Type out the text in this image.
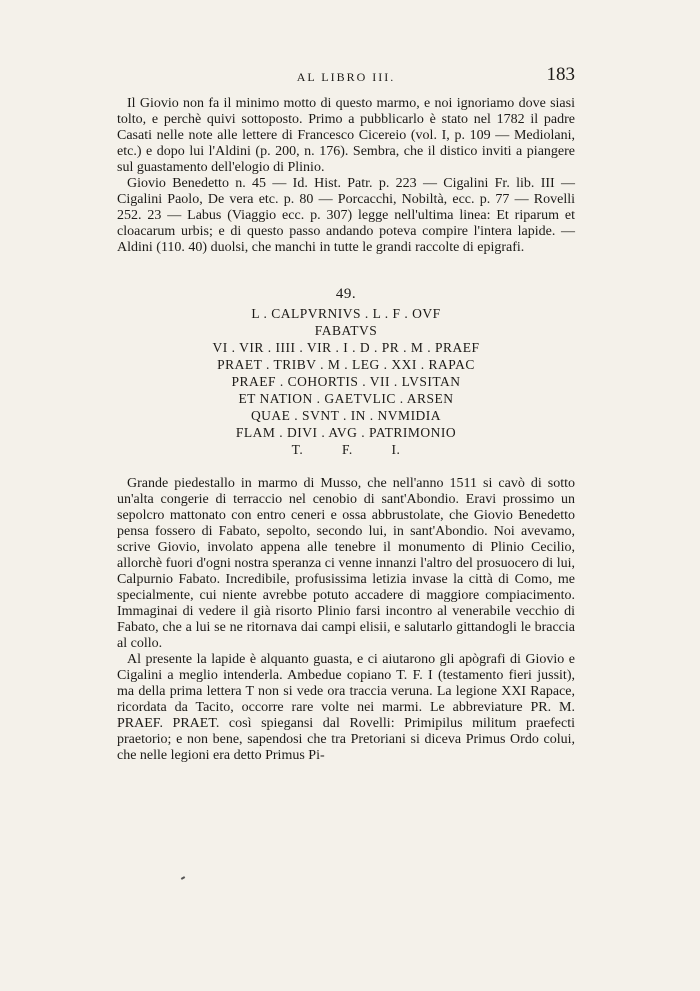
AL LIBRO III.	183

Il Giovio non fa il minimo motto di questo marmo, e noi ignoriamo dove siasi tolto, e perchè quivi sottoposto. Primo a pubblicarlo è stato nel 1782 il padre Casati nelle note alle lettere di Francesco Cicereio (vol. I, p. 109 — Mediolani, etc.) e dopo lui l'Aldini (p. 200, n. 176). Sembra, che il distico inviti a piangere sul guastamento dell'elogio di Plinio.

Giovio Benedetto n. 45 — Id. Hist. Patr. p. 223 — Cigalini Fr. lib. III — Cigalini Paolo, De vera etc. p. 80 — Porcacchi, Nobiltà, ecc. p. 77 — Rovelli 252. 23 — Labus (Viaggio ecc. p. 307) legge nell'ultima linea: Et riparum et cloacarum urbis; e di questo passo andando poteva compire l'intera lapide. — Aldini (110. 40) duolsi, che manchi in tutte le grandi raccolte di epigrafi.

49.
L . CALPVRNIVS . L . F . OVF
FABATVS
VI . VIR . IIII . VIR . I . D . PR . M . PRAEF
PRAET . TRIBV . M . LEG . XXI . RAPAC
PRAEF . COHORTIS . VII . LVSITAN
ET NATION . GAETVLIC . ARSEN
QUAE . SVNT . IN . NVMIDIA
FLAM . DIVI . AVG . PATRIMONIO
T.          F.          I.

Grande piedestallo in marmo di Musso, che nell'anno 1511 si cavò di sotto un'alta congerie di terraccio nel cenobio di sant'Abondio. Eravi prossimo un sepolcro mattonato con entro ceneri e ossa abbrustolate, che Giovio Benedetto pensa fossero di Fabato, sepolto, secondo lui, in sant'Abondio. Noi avevamo, scrive Giovio, involato appena alle tenebre il monumento di Plinio Cecilio, allorchè fuori d'ogni nostra speranza ci venne innanzi l'altro del prosuocero di lui, Calpurnio Fabato. Incredibile, profusissima letizia invase la città di Como, me specialmente, cui niente avrebbe potuto accadere di maggiore compiacimento. Immaginai di vedere il già risorto Plinio farsi incontro al venerabile vecchio di Fabato, che a lui se ne ritornava dai campi elisii, e salutarlo gittandogli le braccia al collo.

Al presente la lapide è alquanto guasta, e ci aiutarono gli apògrafi di Giovio e Cigalini a meglio intenderla. Ambedue copiano T. F. I (testamento fieri jussit), ma della prima lettera T non si vede ora traccia veruna. La legione XXI Rapace, ricordata da Tacito, occorre rare volte nei marmi. Le abbreviature PR. M. PRAEF. PRAET. così spiegansi dal Rovelli: Primipilus militum praefecti praetorio; e non bene, sapendosi che tra Pretoriani si diceva Primus Ordo colui, che nelle legioni era detto Primus Pi-
